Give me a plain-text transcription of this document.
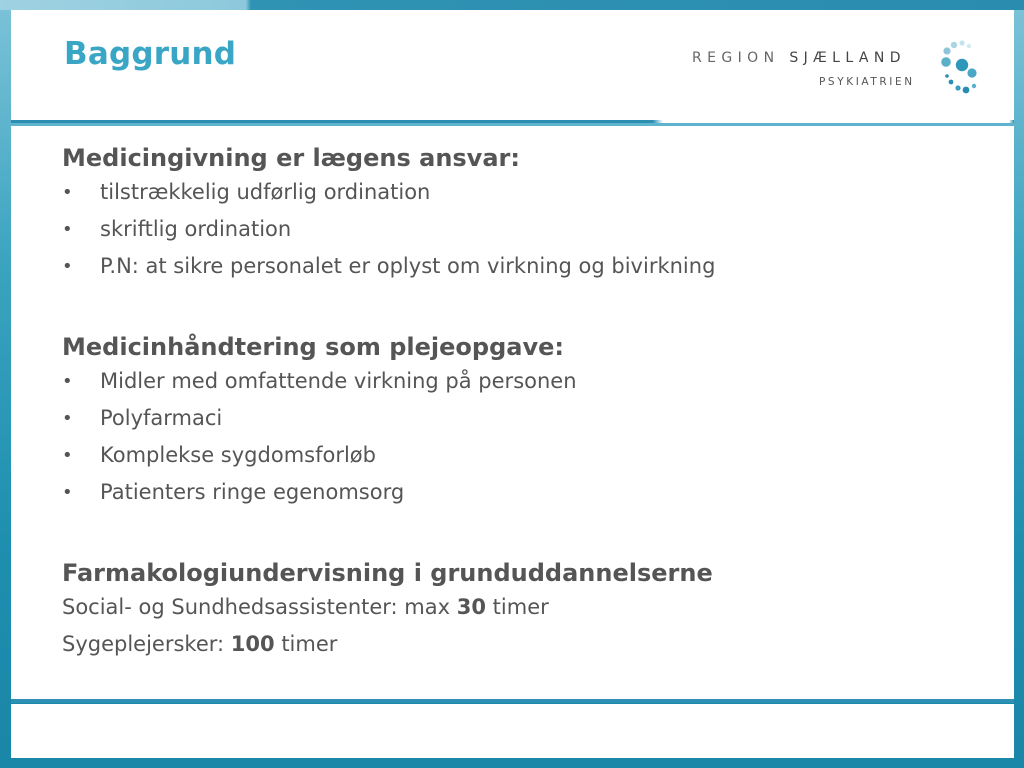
Baggrund	REGION SJÆLLAND
PSYKIATRIEN
Medicingivning er lægens ansvar:
• tilstrækkelig udførlig ordination
• skriftlig ordination
• P.N: at sikre personalet er oplyst om virkning og bivirkning
Medicinhåndtering som plejeopgave:
• Midler med omfattende virkning på personen
• Polyfarmaci
• Komplekse sygdomsforløb
• Patienters ringe egenomsorg
Farmakologiundervisning i grunduddannelserne
Social- og Sundhedsassistenter: max 30 timer
Sygeplejersker: 100 timer
